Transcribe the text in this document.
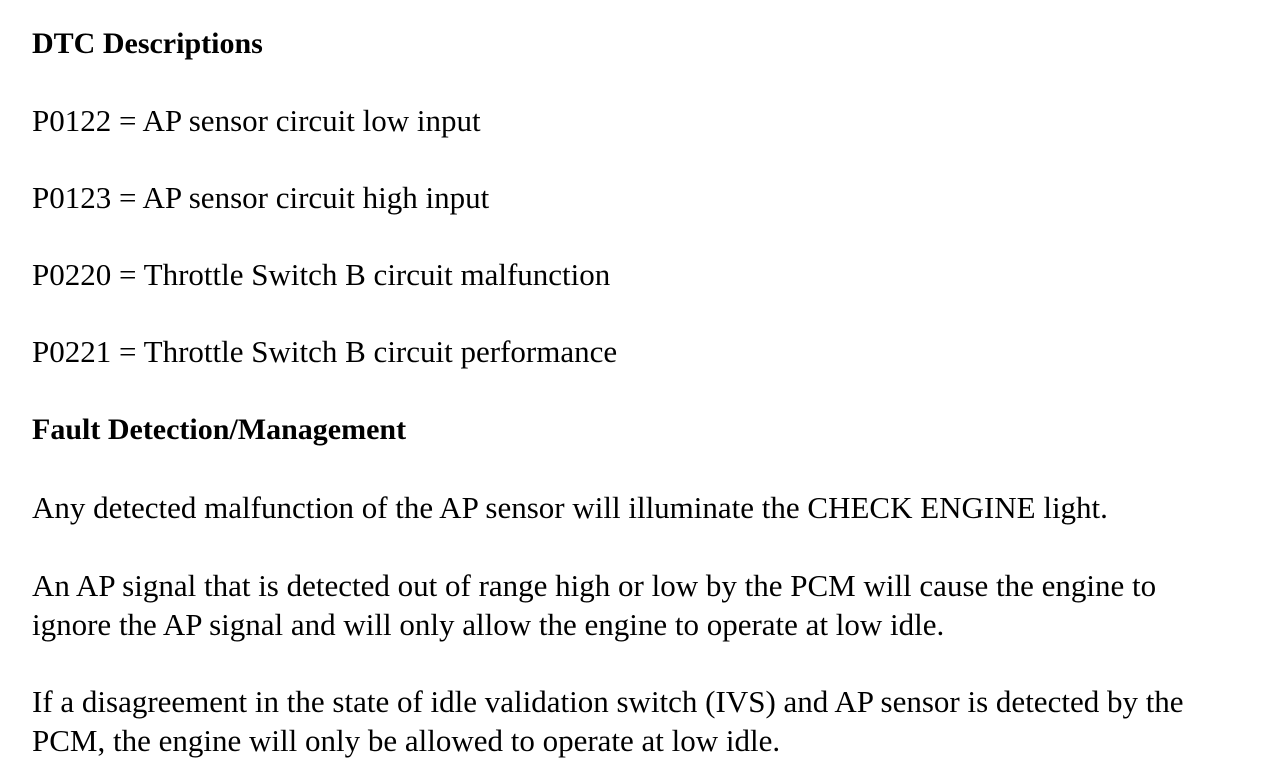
DTC Descriptions
P0122 = AP sensor circuit low input
P0123 = AP sensor circuit high input
P0220 = Throttle Switch B circuit malfunction
P0221 = Throttle Switch B circuit performance
Fault Detection/Management
Any detected malfunction of the AP sensor will illuminate the CHECK ENGINE light.
An AP signal that is detected out of range high or low by the PCM will cause the engine to ignore the AP signal and will only allow the engine to operate at low idle.
If a disagreement in the state of idle validation switch (IVS) and AP sensor is detected by the PCM, the engine will only be allowed to operate at low idle.
